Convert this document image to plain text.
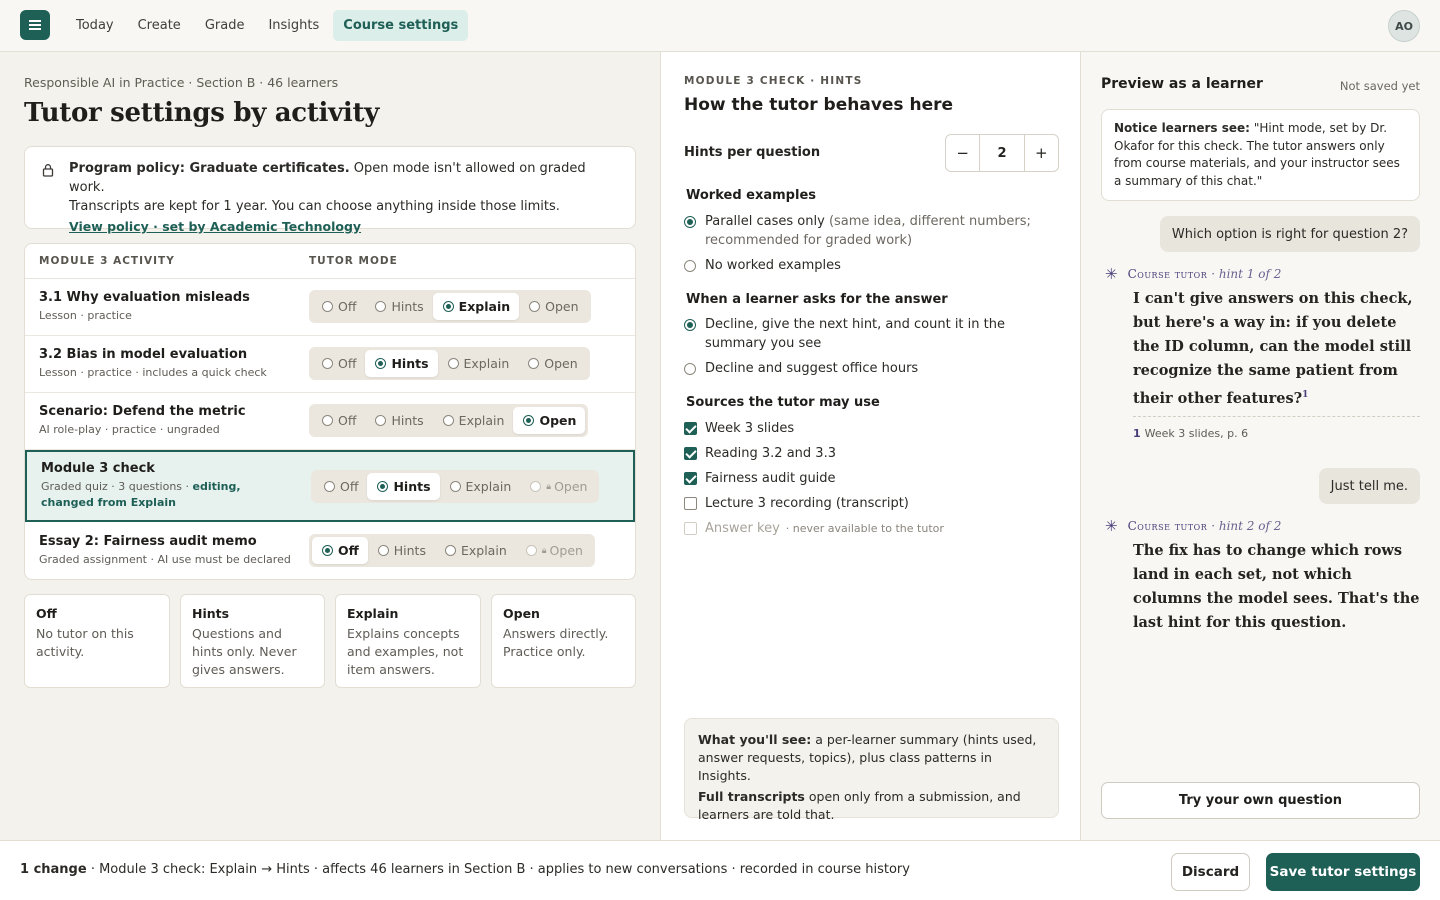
Today	Create	Grade	Insights	Course settings	AO
Responsible AI in Practice · Section B · 46 learners
Tutor settings by activity
Program policy: Graduate certificates. Open mode isn't allowed on graded work.
Transcripts are kept for 1 year. You can choose anything inside those limits.
View policy · set by Academic Technology
MODULE 3 ACTIVITY	TUTOR MODE
3.1 Why evaluation misleads
Lesson · practice
Off	Hints	Explain	Open
3.2 Bias in model evaluation
Lesson · practice · includes a quick check
Off	Hints	Explain	Open
Scenario: Defend the metric
AI role-play · practice · ungraded
Off	Hints	Explain	Open
Module 3 check
Graded quiz · 3 questions · editing, changed from Explain
Off	Hints	Explain	🔒︎ Open
Essay 2: Fairness audit memo
Graded assignment · AI use must be declared
Off	Hints	Explain	🔒︎ Open
Off
No tutor on this activity.
Hints
Questions and hints only. Never gives answers.
Explain
Explains concepts and examples, not item answers.
Open
Answers directly. Practice only.
MODULE 3 CHECK · HINTS
How the tutor behaves here
Hints per question	−	2	+
Worked examples
Parallel cases only (same idea, different numbers; recommended for graded work)
No worked examples
When a learner asks for the answer
Decline, give the next hint, and count it in the summary you see
Decline and suggest office hours
Sources the tutor may use
Week 3 slides
Reading 3.2 and 3.3
Fairness audit guide
Lecture 3 recording (transcript)
Answer key · never available to the tutor

What you'll see: a per-learner summary (hints used, answer requests, topics), plus class patterns in Insights.

Full transcripts open only from a submission, and learners are told that.

Preview as a learner	Not saved yet
Notice learners see: "Hint mode, set by Dr. Okafor for this check. The tutor answers only from course materials, and your instructor sees a summary of this chat."
Which option is right for question 2?
✳ Course tutor · hint 1 of 2
I can't give answers on this check, but here's a way in: if you delete the ID column, can the model still recognize the same patient from their other features?$^1$
1 Week 3 slides, p. 6
Just tell me.
✳ Course tutor · hint 2 of 2
The fix has to change which rows land in each set, not which columns the model sees. That's the last hint for this question.
Try your own question
1 change · Module 3 check: Explain → Hints · affects 46 learners in Section B · applies to new conversations · recorded in course history	Discard	Save tutor settings
